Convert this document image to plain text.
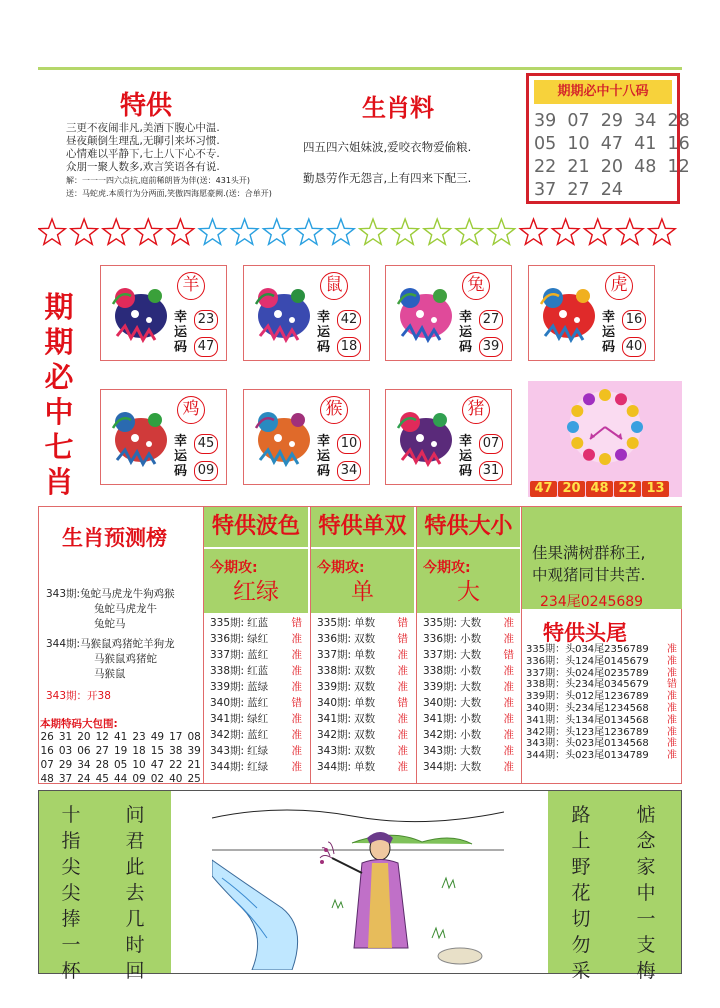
特供
三更不夜闹非凡,美酒下腹心中温.
昼夜颠倒生理乱,无聊引来坏习惯.
心情难以平静下,七上八下心不专.
众朋一聚人数多,欢言笑语各有说.
解：一一一四六点抗,庭前稀朗皆为伴(送：431头开)
送：马蛇虎.本质行为分两面,笑傲四海愿豪阙.(送：合单开)
生肖料
四五四六姐妹波,爱咬衣物爱偷粮.
勤恳劳作无怨言,上有四来下配三.
期期必中十八码
39 07 29 34 28
05 10 47 41 16
22 21 20 48 12
37 27 24
期
期
必
中
七
肖
羊
幸
运
码
23
47
鼠
幸
运
码
42
18
兔
幸
运
码
27
39
虎
幸
运
码
16
40
鸡
幸
运
码
45
09
猴
幸
运
码
10
34
猪
幸
运
码
07
31
47 20 48 22 13
生肖预测榜
343期:兔蛇马虎龙牛狗鸡猴
兔蛇马虎龙牛
兔蛇马
344期:马猴鼠鸡猪蛇羊狗龙
马猴鼠鸡猪蛇
马猴鼠
343期：开38
本期特码大包围:
26	31	20	12	41	23	49	17	08
16	03	06	27	19	18	15	38	39
07	29	34	28	05	10	47	22	21
48	37	24	45	44	09	02	40	25
特供波色
今期攻:
红绿
335期: 红蓝 错
336期: 绿红 准
337期: 蓝红 准
338期: 红蓝 准
339期: 蓝绿 准
340期: 蓝红 错
341期: 绿红 准
342期: 蓝红 准
343期: 红绿 准
344期: 红绿 准
特供单双
今期攻:
单
335期: 单数 错
336期: 双数 错
337期: 单数 准
338期: 双数 准
339期: 双数 准
340期: 单数 错
341期: 双数 准
342期: 双数 准
343期: 双数 准
344期: 单数 准
特供大小
今期攻:
大
335期: 大数 准
336期: 小数 准
337期: 大数 错
338期: 小数 准
339期: 大数 准
340期: 大数 准
341期: 小数 准
342期: 小数 准
343期: 大数 准
344期: 大数 准
佳果满树群称王,
中观猪同甘共苦.
234尾0245689
特供头尾
335期：头034尾2356789 准
336期：头124尾0145679 准
337期：头024尾0235789 准
338期：头234尾0345679 错
339期：头012尾1236789 准
340期：头234尾1234568 准
341期：头134尾0134568 准
342期：头123尾1236789 准
343期：头023尾0134568 准
344期：头023尾0134789 准
十
指
尖
尖
捧
一
杯
问
君
此
去
几
时
回
路
上
野
花
切
勿
采
惦
念
家
中
一
支
梅
